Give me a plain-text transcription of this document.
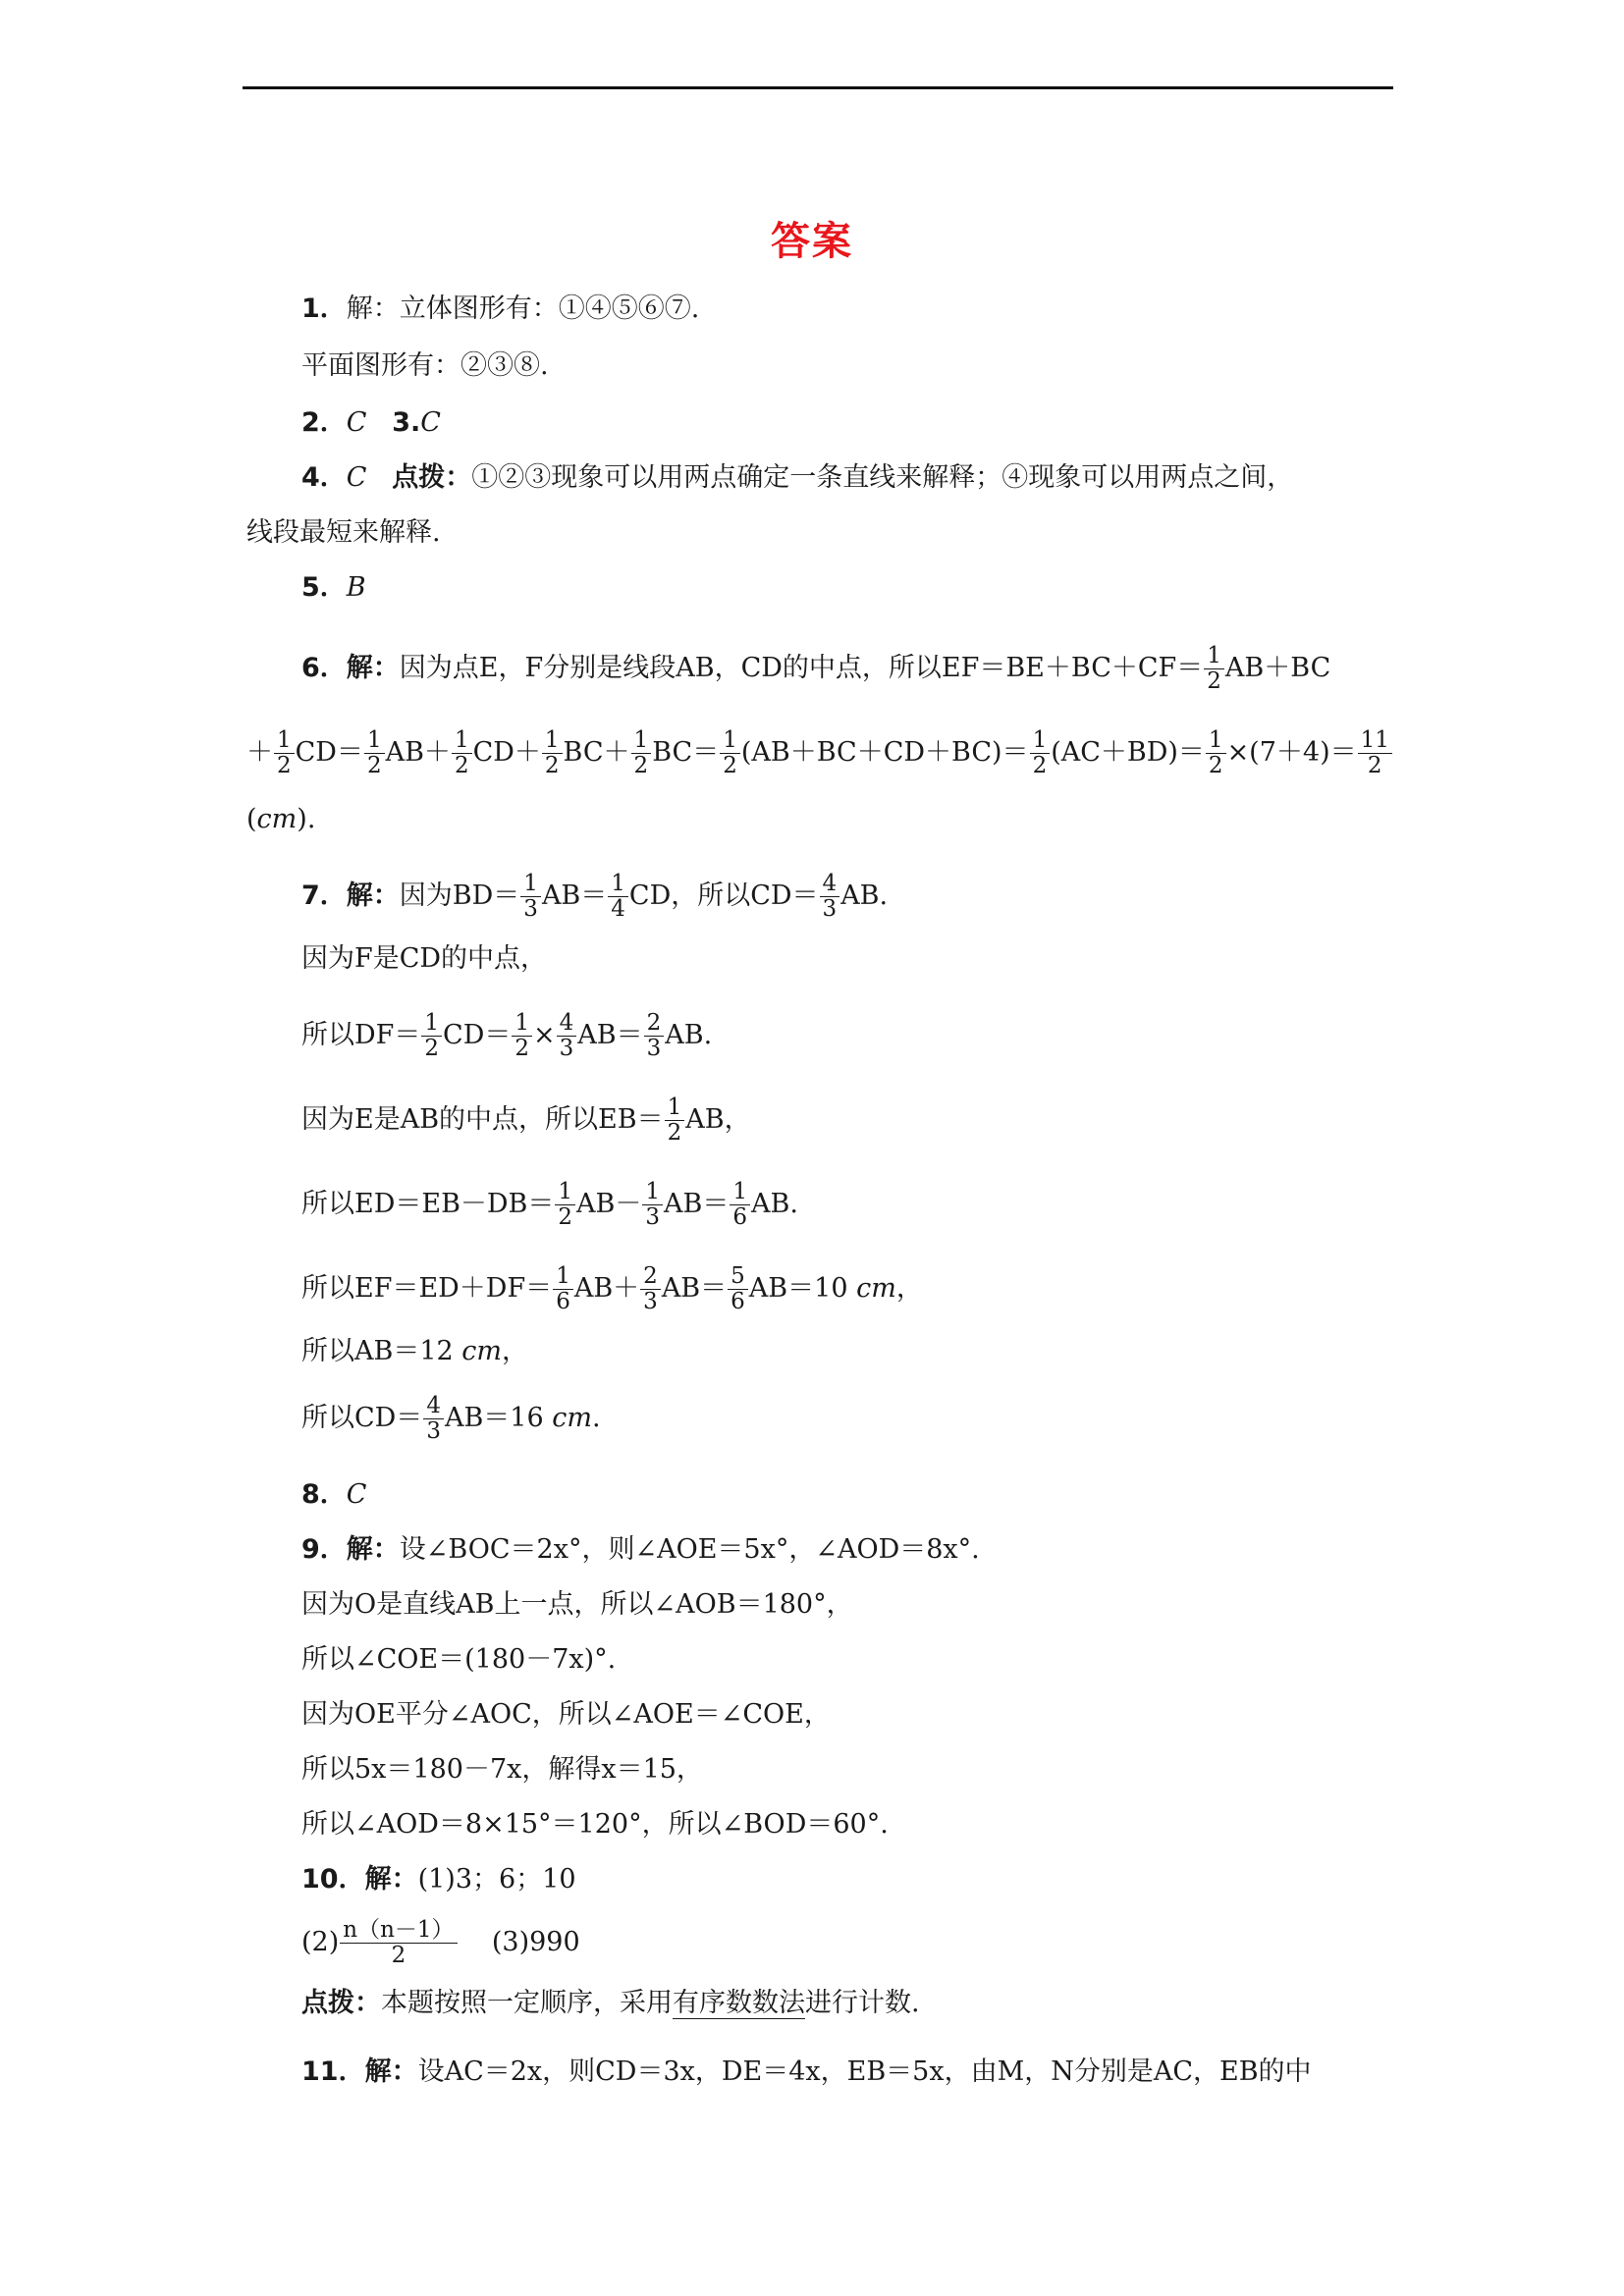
答案
1．解：立体图形有：①④⑤⑥⑦.
平面图形有：②③⑧.
2．C 3.C
4．C 点拨：①②③现象可以用两点确定一条直线来解释；④现象可以用两点之间，
线段最短来解释.
5．B
6．解：因为点E，F分别是线段AB，CD的中点，所以$EF=BE+BC+CF= \frac{1}{2} AB+BC$
＋ $\frac{1}{2} CD= \frac{1}{2} AB+ \frac{1}{2} CD+ \frac{1}{2} BC+ \frac{1}{2} BC= \frac{1}{2} (AB+BC+CD+BC)= \frac{1}{2} (AC+BD)= \frac{1}{2} \times(7+4)= \frac{11}{2}$
(cm).
7．解：因为$BD= \frac{1}{3} AB= \frac{1}{4}$ CD，所以$CD= \frac{4}{3}$ AB.
因为F是CD的中点，
所以$DF= \frac{1}{2} CD= \frac{1}{2} \times \frac{4}{3} AB= \frac{2}{3}$ AB.
因为E是AB的中点，所以$EB= \frac{1}{2}$ AB，
所以$ED=EB-DB= \frac{1}{2} AB- \frac{1}{3} AB= \frac{1}{6}$ AB.
所以$EF=ED+DF= \frac{1}{6} AB+ \frac{2}{3} AB= \frac{5}{6} AB=10$ cm，
所以AB＝12 cm，
所以$CD= \frac{4}{3} AB=16$ cm.
8．C
9．解：设∠BOC＝2x°，则∠AOE＝5x°，∠AOD＝8x°.
因为O是直线AB上一点，所以∠AOB＝180°，
所以∠COE＝(180－7x)°.
因为OE平分∠AOC，所以∠AOE＝∠COE，
所以5x＝180－7x，解得x＝15，
所以∠AOD＝8×15°＝120°，所以∠BOD＝60°.
10．解：(1)3；6；10
$(2) \frac{n(n-1)}{2} (3)990$
点拨：本题按照一定顺序，采用有序数数法进行计数.
11．解：设AC＝2x，则CD＝3x，DE＝4x，EB＝5x，由M，N分别是AC，EB的中
